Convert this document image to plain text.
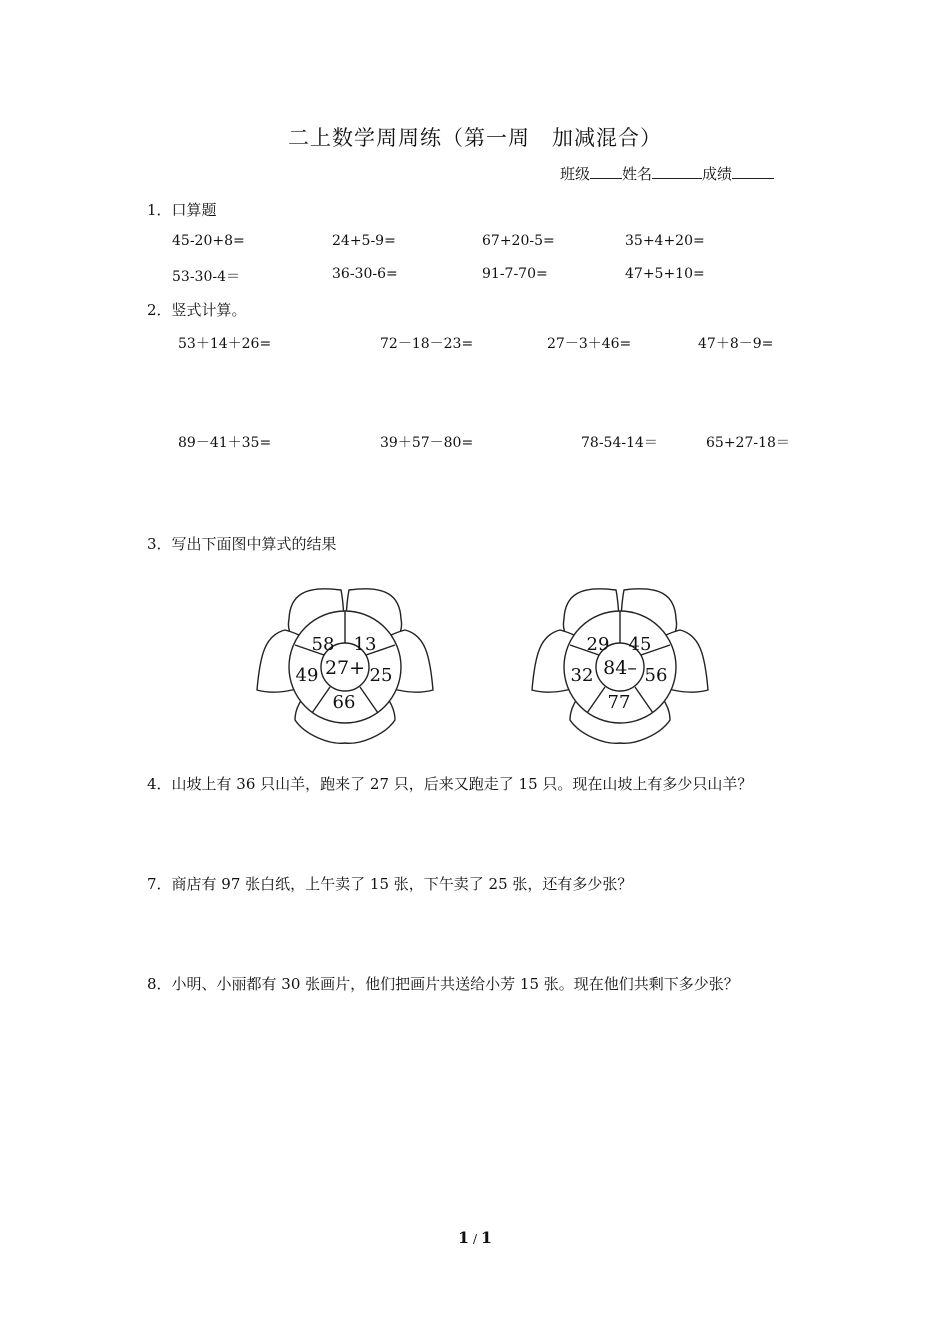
二上数学周周练（第一周　加减混合）
班级 姓名	成绩
1．口算题
45-20+8=	24+5-9=	67+20-5=	35+4+20=
53-30-4＝	36-30-6=	91-7-70=	47+5+10=
2．竖式计算。
53＋14＋26=	72－18－23=	27－3＋46=	47＋8－9=
89－41＋35=	39＋57－80=	78-54-14＝	65+27-18＝
3．写出下面图中算式的结果
27+
58 13
25
66
49	84–
29 45
56
77
32
4．山坡上有 36 只山羊，跑来了 27 只，后来又跑走了 15 只。现在山坡上有多少只山羊？
7．商店有 97 张白纸，上午卖了 15 张，下午卖了 25 张，还有多少张？
8．小明、小丽都有 30 张画片，他们把画片共送给小芳 15 张。现在他们共剩下多少张？
1 / 1
